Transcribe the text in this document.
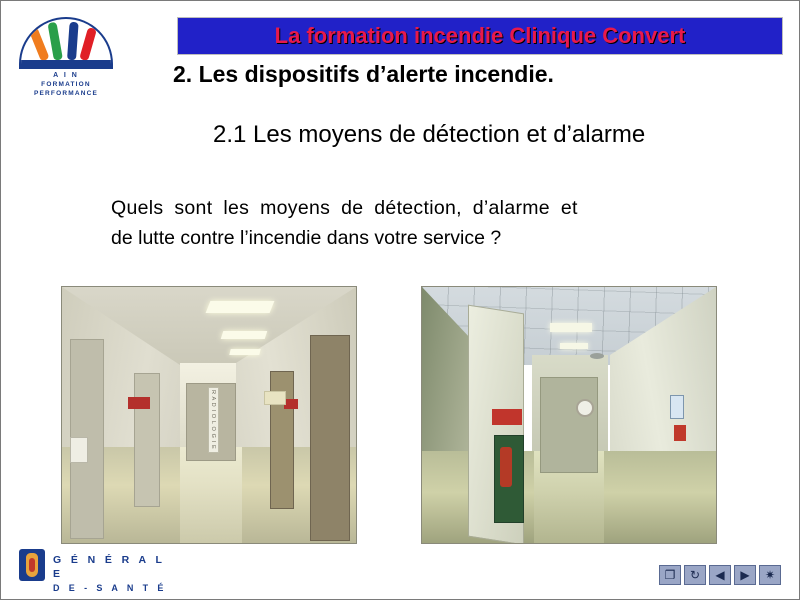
A I N
FORMATION
PERFORMANCE
La formation incendie Clinique Convert
2. Les dispositifs d’alerte incendie.
2.1 Les moyens de détection et d’alarme
Quels sont les moyens de détection, d’alarme et
de lutte contre l’incendie dans votre service ?
R A D I O L O G I E
G É N É R A L E
D E - S A N T É
❐	↻	◀	▶	✷
